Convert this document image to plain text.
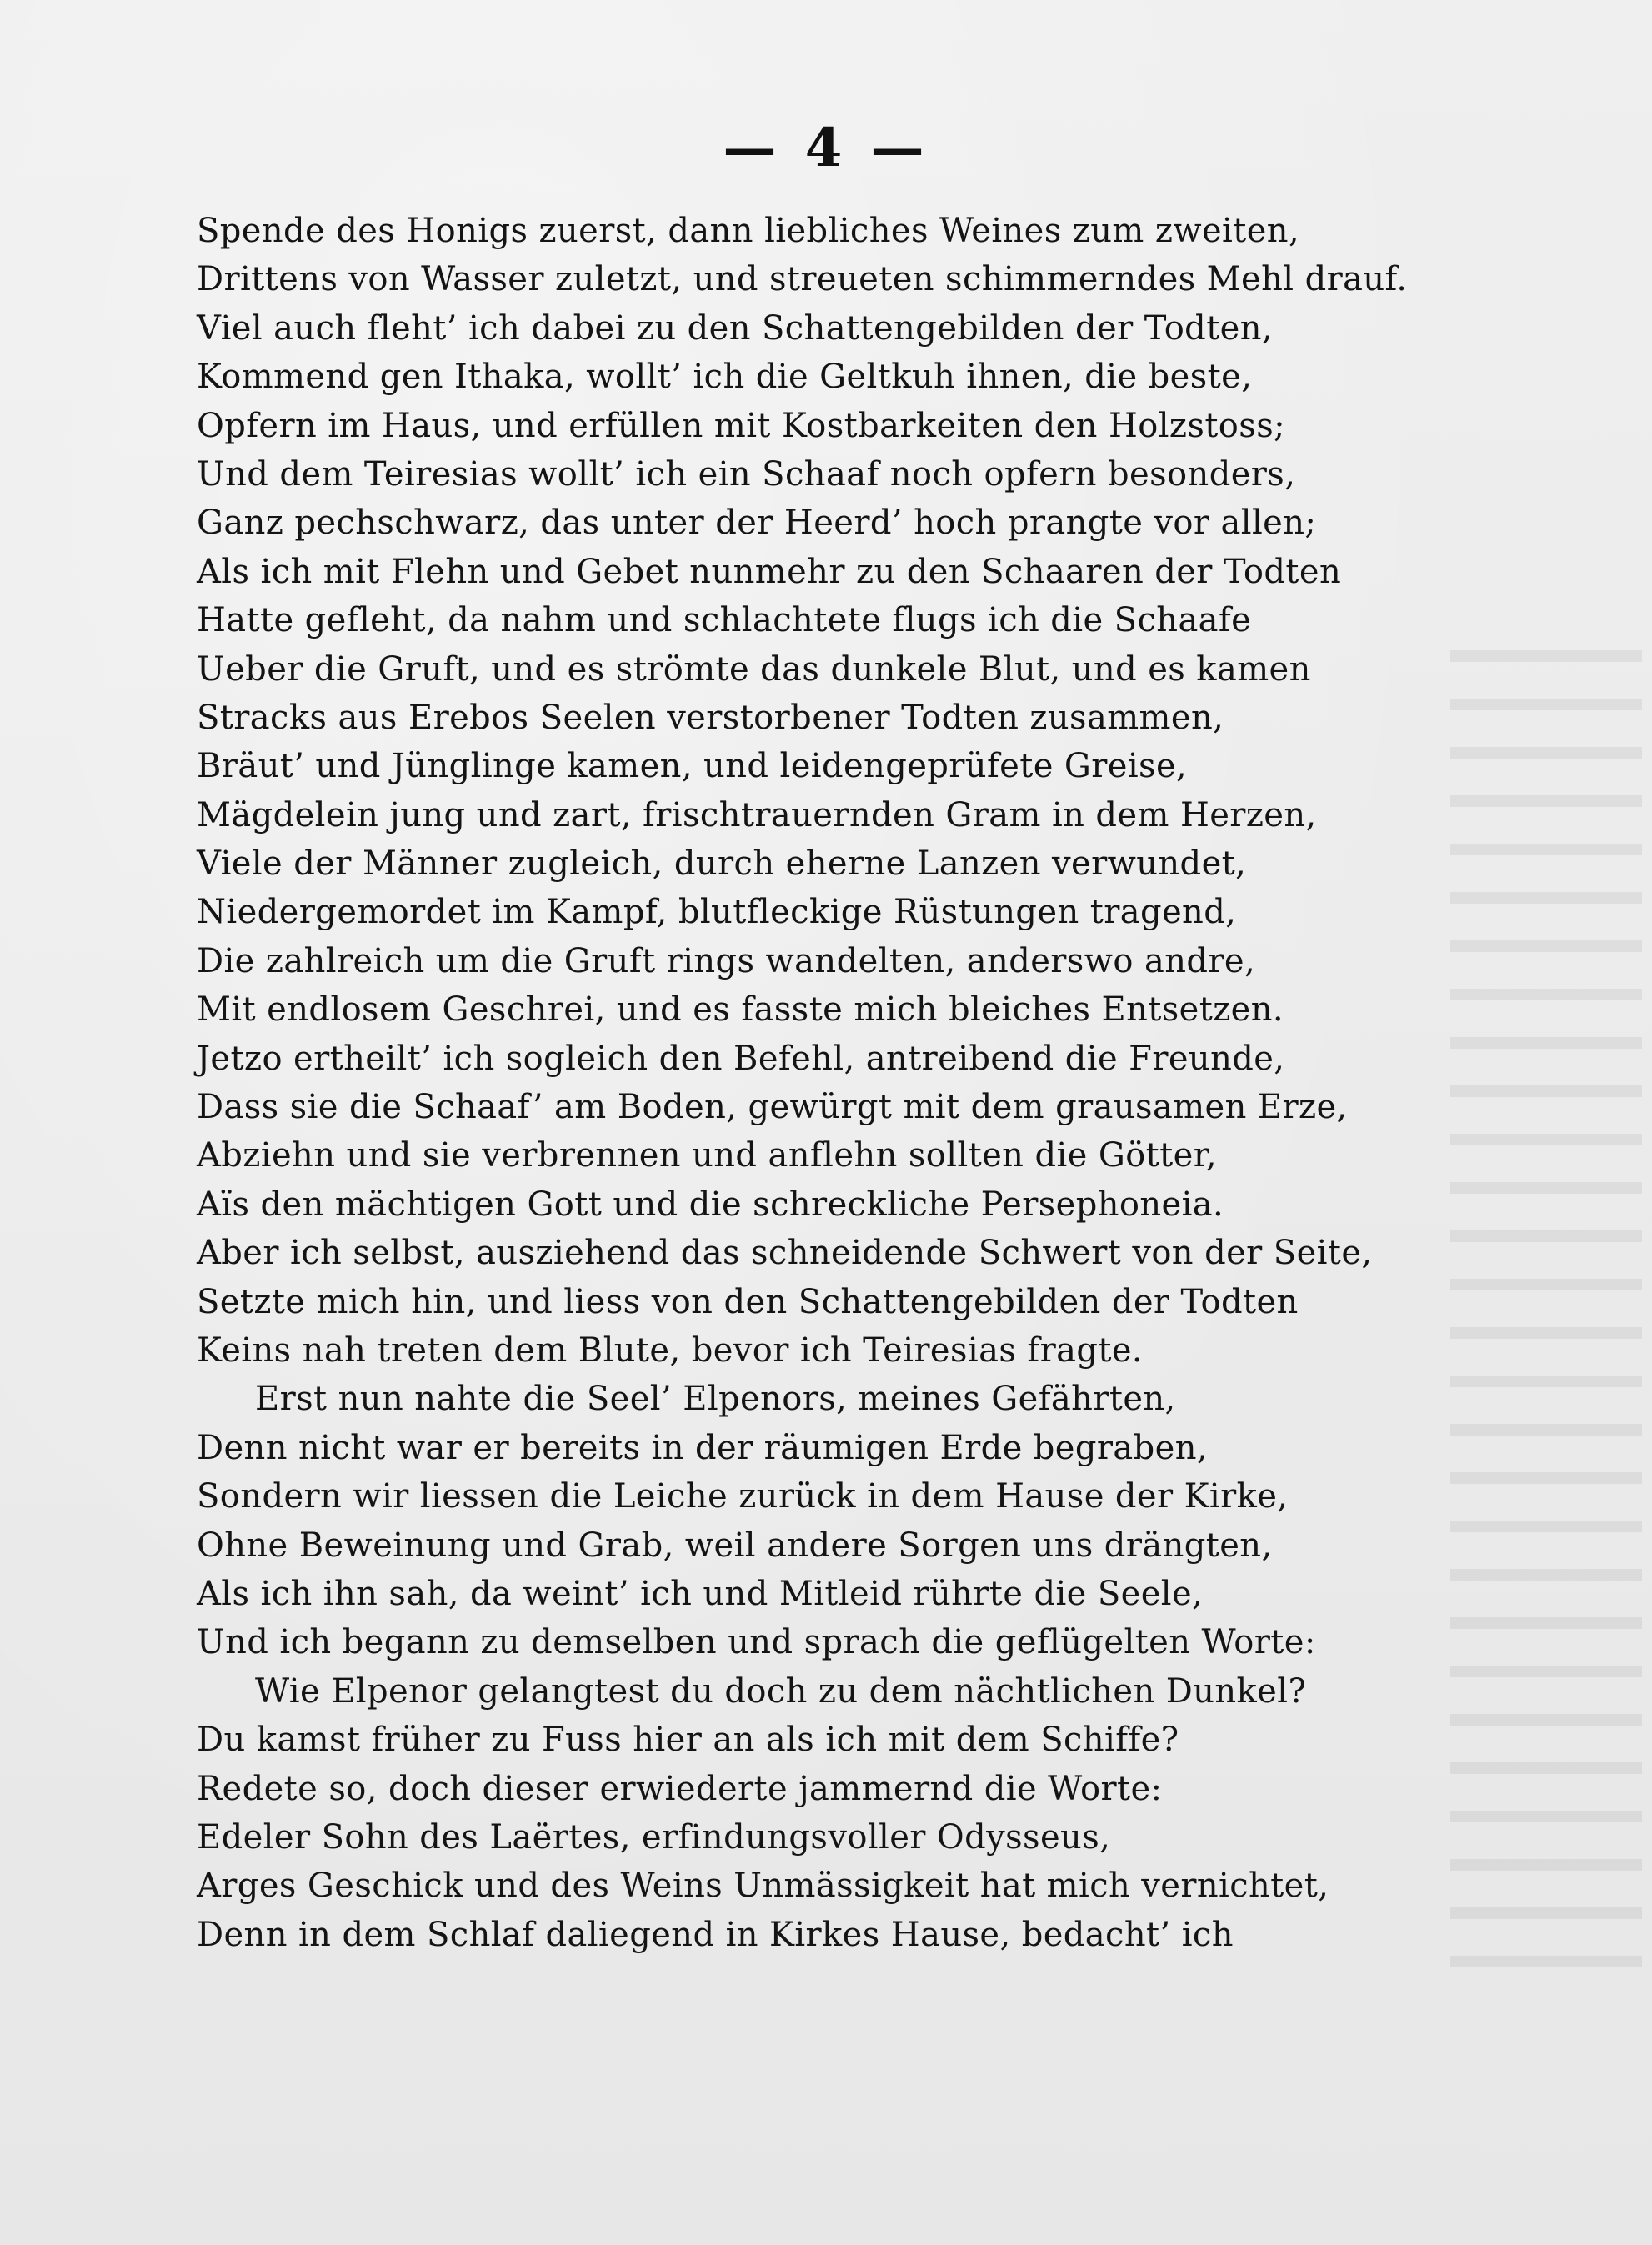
— 4 —
Spende des Honigs zuerst, dann liebliches Weines zum zweiten,
Drittens von Wasser zuletzt, und streueten schimmerndes Mehl drauf.
Viel auch fleht’ ich dabei zu den Schattengebilden der Todten,
Kommend gen Ithaka, wollt’ ich die Geltkuh ihnen, die beste,
Opfern im Haus, und erfüllen mit Kostbarkeiten den Holzstoss;
Und dem Teiresias wollt’ ich ein Schaaf noch opfern besonders,
Ganz pechschwarz, das unter der Heerd’ hoch prangte vor allen;
Als ich mit Flehn und Gebet nunmehr zu den Schaaren der Todten
Hatte gefleht, da nahm und schlachtete flugs ich die Schaafe
Ueber die Gruft, und es strömte das dunkele Blut, und es kamen
Stracks aus Erebos Seelen verstorbener Todten zusammen,
Bräut’ und Jünglinge kamen, und leidengeprüfete Greise,
Mägdelein jung und zart, frischtrauernden Gram in dem Herzen,
Viele der Männer zugleich, durch eherne Lanzen verwundet,
Niedergemordet im Kampf, blutfleckige Rüstungen tragend,
Die zahlreich um die Gruft rings wandelten, anderswo andre,
Mit endlosem Geschrei, und es fasste mich bleiches Entsetzen.
Jetzo ertheilt’ ich sogleich den Befehl, antreibend die Freunde,
Dass sie die Schaaf’ am Boden, gewürgt mit dem grausamen Erze,
Abziehn und sie verbrennen und anflehn sollten die Götter,
Aïs den mächtigen Gott und die schreckliche Persephoneia.
Aber ich selbst, ausziehend das schneidende Schwert von der Seite,
Setzte mich hin, und liess von den Schattengebilden der Todten
Keins nah treten dem Blute, bevor ich Teiresias fragte.
Erst nun nahte die Seel’ Elpenors, meines Gefährten,
Denn nicht war er bereits in der räumigen Erde begraben,
Sondern wir liessen die Leiche zurück in dem Hause der Kirke,
Ohne Beweinung und Grab, weil andere Sorgen uns drängten,
Als ich ihn sah, da weint’ ich und Mitleid rührte die Seele,
Und ich begann zu demselben und sprach die geflügelten Worte:
Wie Elpenor gelangtest du doch zu dem nächtlichen Dunkel?
Du kamst früher zu Fuss hier an als ich mit dem Schiffe?
Redete so, doch dieser erwiederte jammernd die Worte:
Edeler Sohn des Laërtes, erfindungsvoller Odysseus,
Arges Geschick und des Weins Unmässigkeit hat mich vernichtet,
Denn in dem Schlaf daliegend in Kirkes Hause, bedacht’ ich
